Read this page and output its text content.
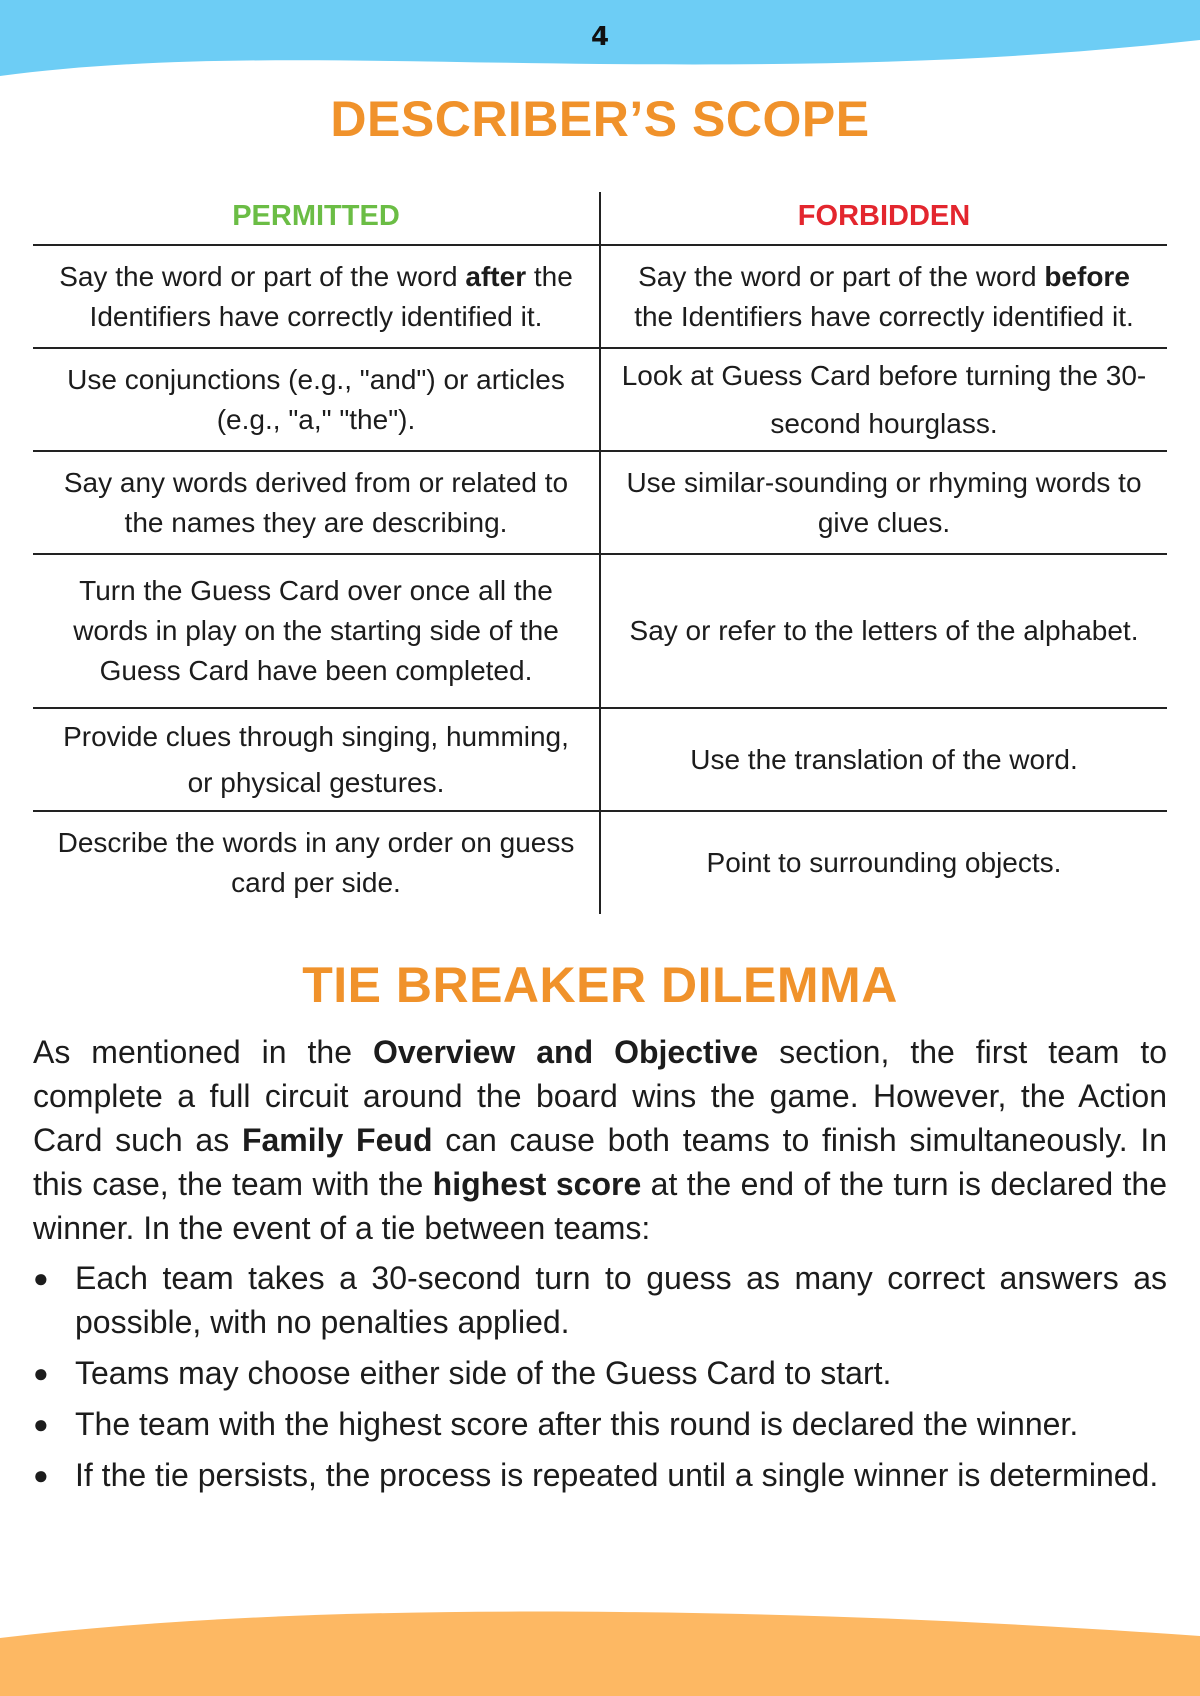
4
DESCRIBER’S SCOPE
PERMITTED	FORBIDDEN
Say the word or part of the word after the Identifiers have correctly identified it.	Say the word or part of the word before the Identifiers have correctly identified it.
Use conjunctions (e.g., "and") or articles (e.g., "a," "the").	Look at Guess Card before turning the 30-second hourglass.
Say any words derived from or related to the names they are describing.	Use similar-sounding or rhyming words to give clues.
Turn the Guess Card over once all the words in play on the starting side of the Guess Card have been completed.	Say or refer to the letters of the alphabet.
Provide clues through singing, humming, or physical gestures.	Use the translation of the word.
Describe the words in any order on guess card per side.	Point to surrounding objects.
TIE BREAKER DILEMMA

As mentioned in the Overview and Objective section, the first team to complete a full circuit around the board wins the game. However, the Action Card such as Family Feud can cause both teams to finish simultaneously. In this case, the team with the highest score at the end of the turn is declared the winner. In the event of a tie between teams:

● Each team takes a 30-second turn to guess as many correct answers as possible, with no penalties applied.
● Teams may choose either side of the Guess Card to start.
● The team with the highest score after this round is declared the winner.
● If the tie persists, the process is repeated until a single winner is determined.
